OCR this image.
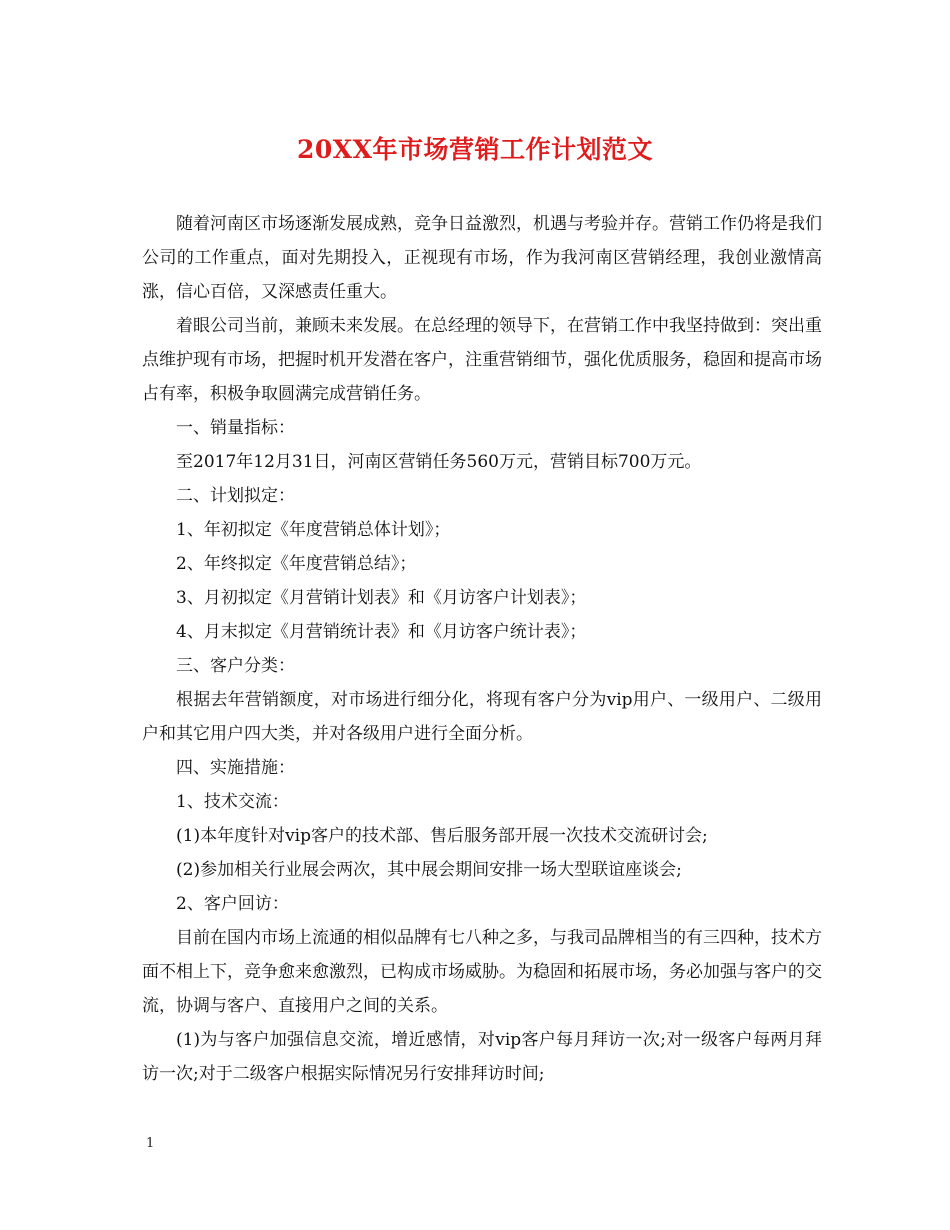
20XX年市场营销工作计划范文

随着河南区市场逐渐发展成熟，竞争日益激烈，机遇与考验并存。营销工作仍将是我们公司的工作重点，面对先期投入，正视现有市场，作为我河南区营销经理，我创业激情高涨，信心百倍，又深感责任重大。

着眼公司当前，兼顾未来发展。在总经理的领导下，在营销工作中我坚持做到：突出重点维护现有市场，把握时机开发潜在客户，注重营销细节，强化优质服务，稳固和提高市场占有率，积极争取圆满完成营销任务。

一、销量指标：

至2017年12月31日，河南区营销任务560万元，营销目标700万元。

二、计划拟定：

1、年初拟定《年度营销总体计划》；

2、年终拟定《年度营销总结》；

3、月初拟定《月营销计划表》和《月访客户计划表》；

4、月末拟定《月营销统计表》和《月访客户统计表》；

三、客户分类：

根据去年营销额度，对市场进行细分化，将现有客户分为vip用户、一级用户、二级用户和其它用户四大类，并对各级用户进行全面分析。

四、实施措施：

1、技术交流：

(1)本年度针对vip客户的技术部、售后服务部开展一次技术交流研讨会;

(2)参加相关行业展会两次，其中展会期间安排一场大型联谊座谈会;

2、客户回访：

目前在国内市场上流通的相似品牌有七八种之多，与我司品牌相当的有三四种，技术方面不相上下，竞争愈来愈激烈，已构成市场威胁。为稳固和拓展市场，务必加强与客户的交流，协调与客户、直接用户之间的关系。

(1)为与客户加强信息交流，增近感情，对vip客户每月拜访一次;对一级客户每两月拜访一次;对于二级客户根据实际情况另行安排拜访时间;

1
